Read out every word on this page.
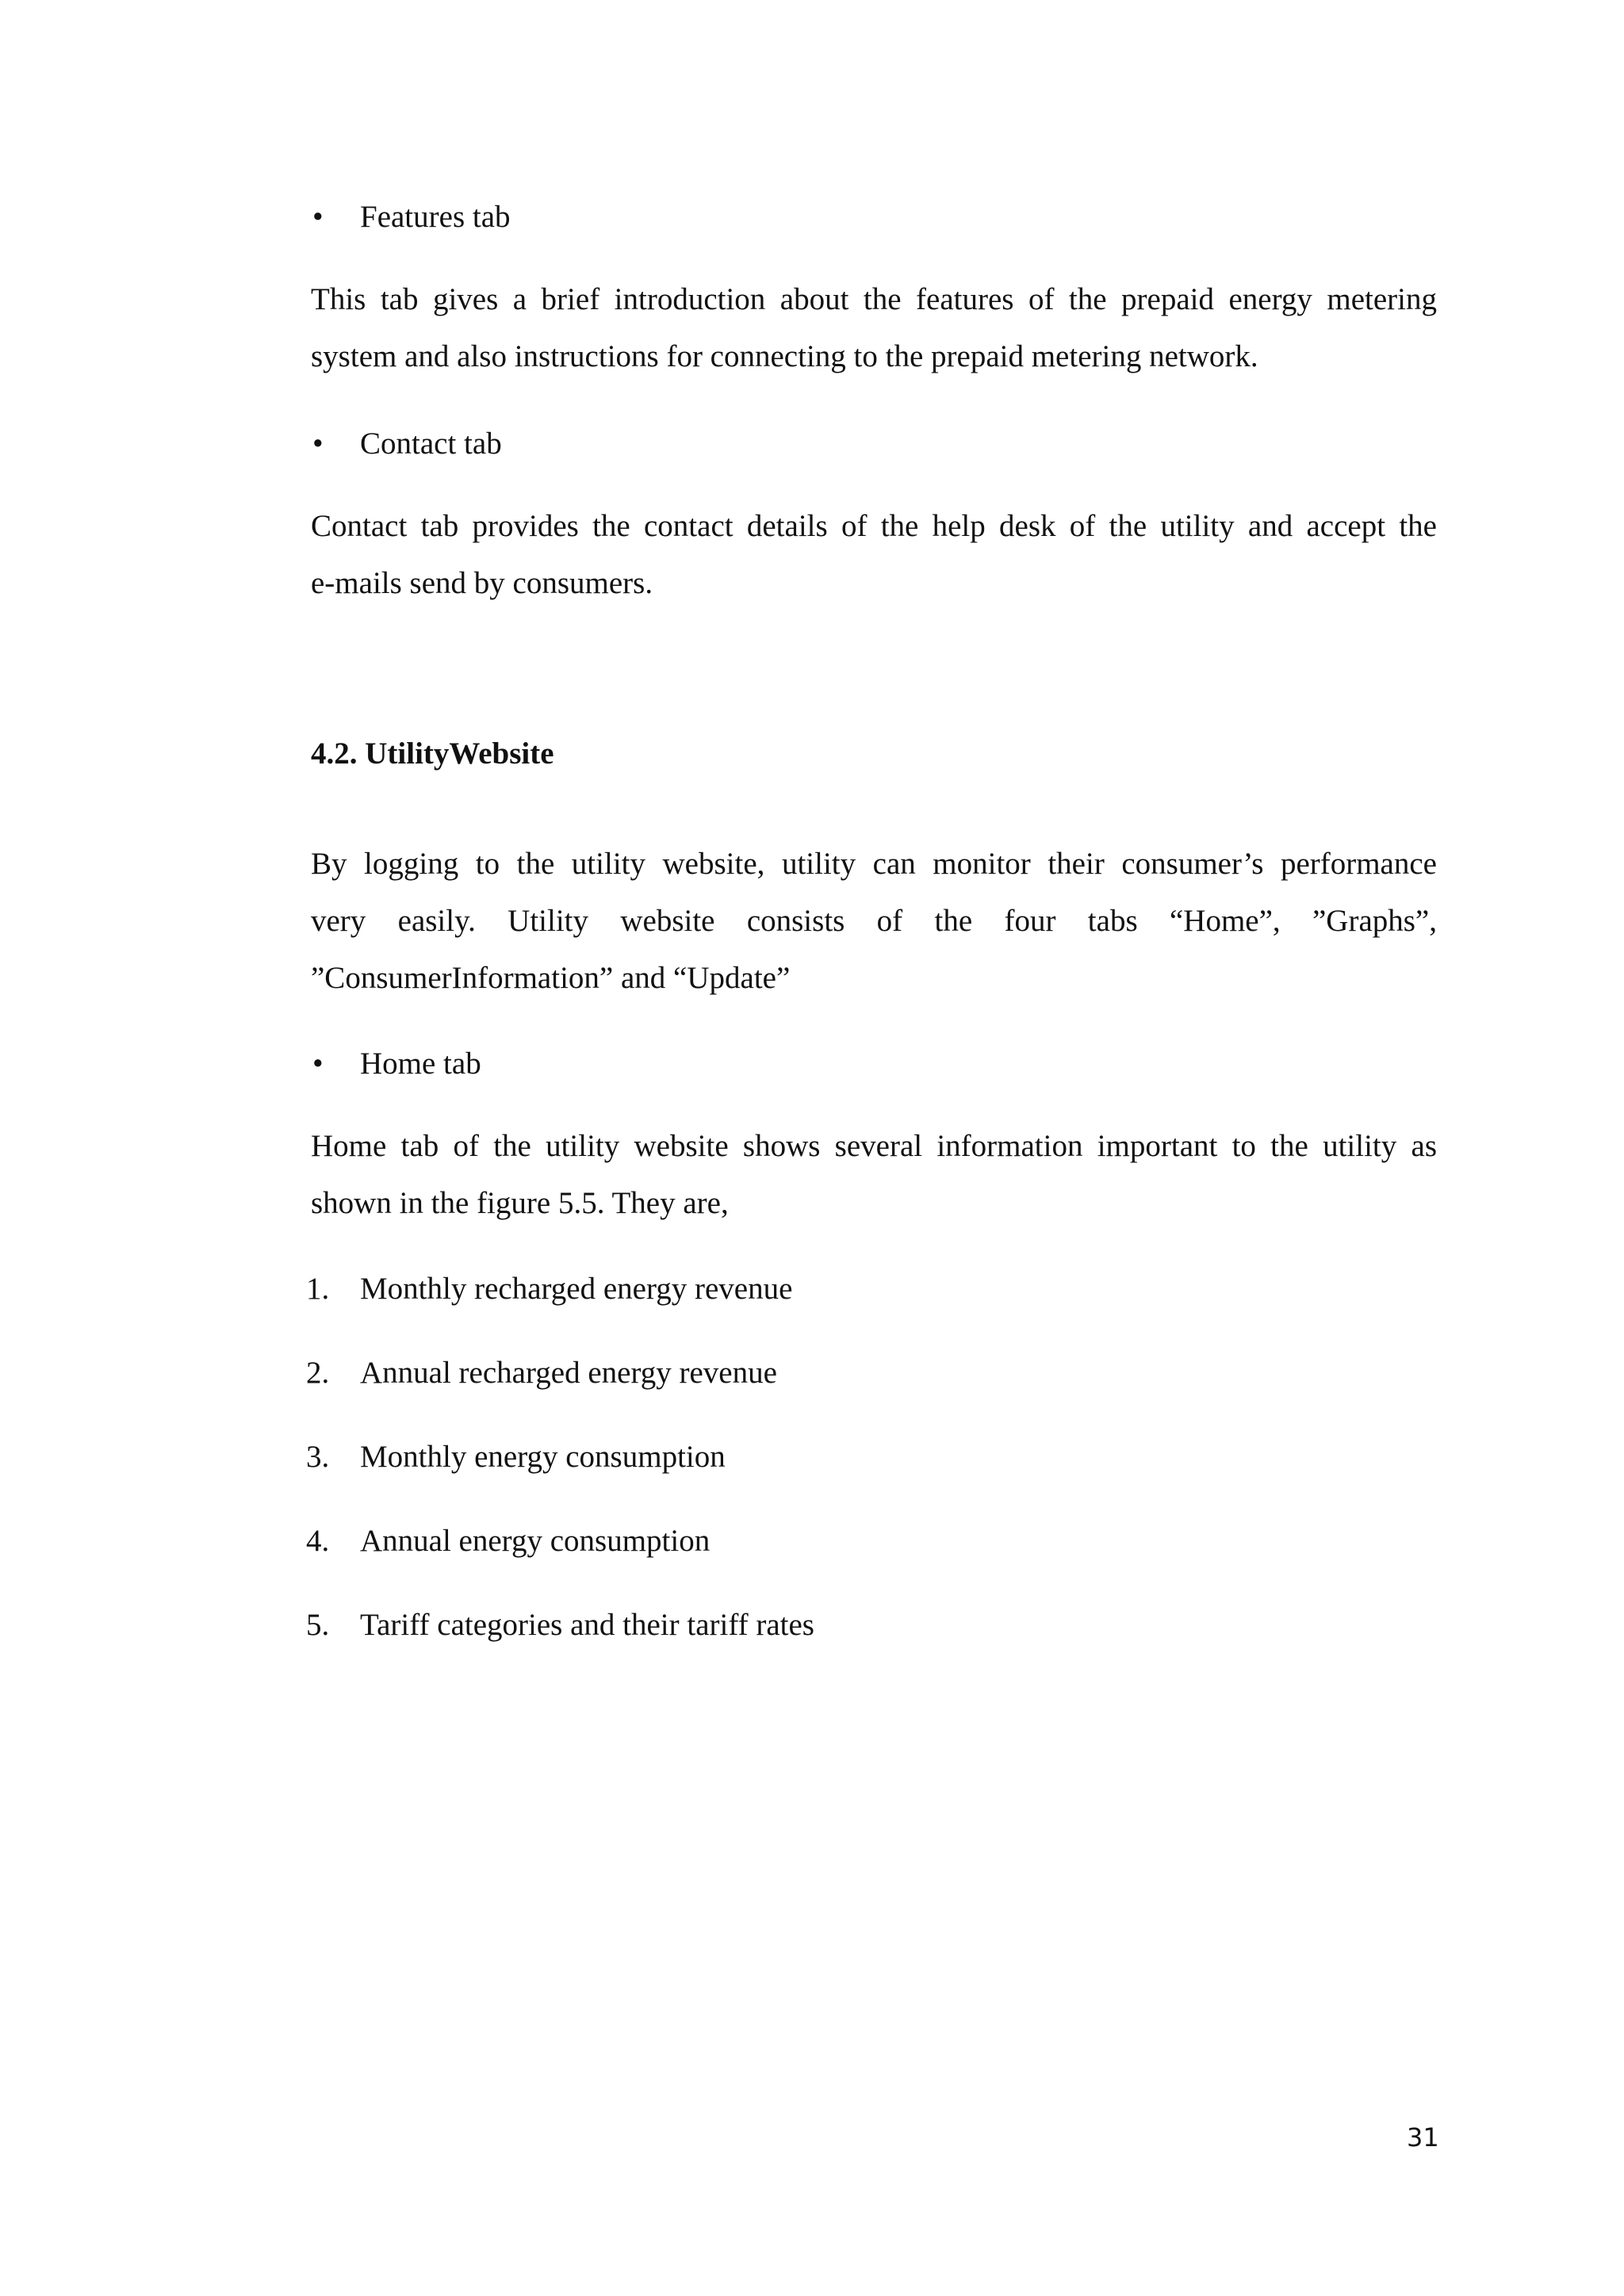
• Features tab
This tab gives a brief introduction about the features of the prepaid energy metering
system and also instructions for connecting to the prepaid metering network.
• Contact tab
Contact tab provides the contact details of the help desk of the utility and accept the
e-mails send by consumers.
4.2. UtilityWebsite
By logging to the utility website, utility can monitor their consumer’s performance
very easily. Utility website consists of the four tabs “Home”, ”Graphs”,
”ConsumerInformation” and “Update”
• Home tab
Home tab of the utility website shows several information important to the utility as
shown in the figure 5.5. They are,
1. Monthly recharged energy revenue
2. Annual recharged energy revenue
3. Monthly energy consumption
4. Annual energy consumption
5. Tariff categories and their tariff rates
31
